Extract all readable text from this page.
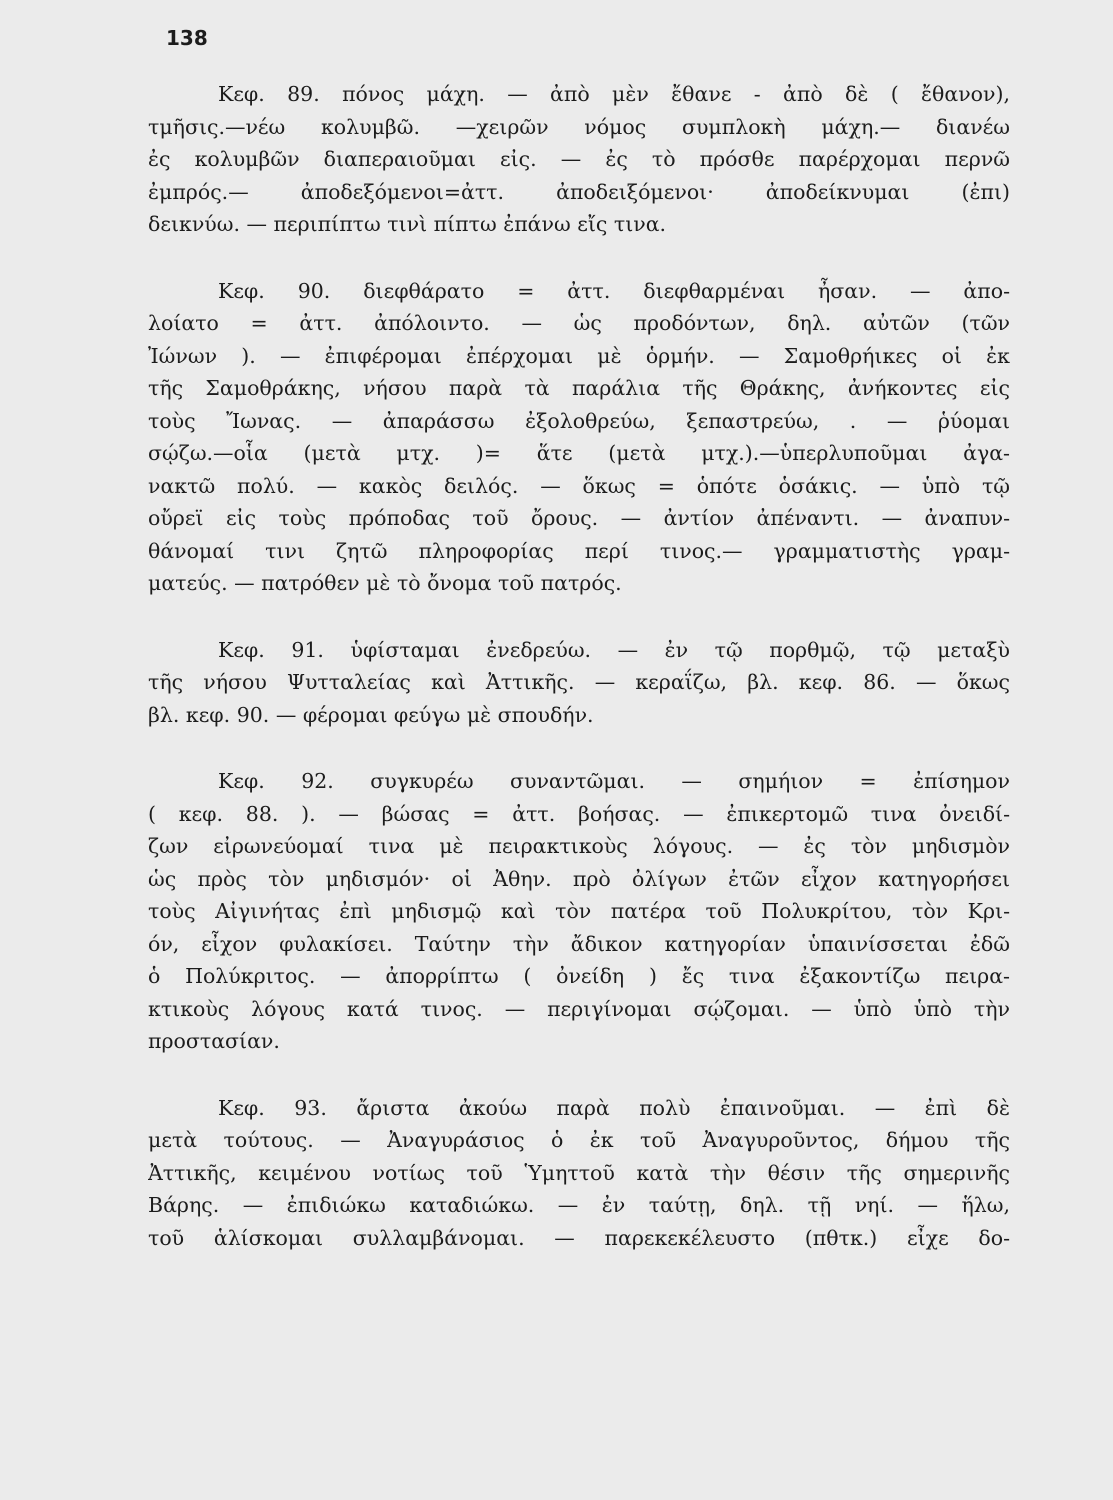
138
Κεφ. 89. πόνος μάχη. — ἀπὸ μὲν ἔθανε - ἀπὸ δὲ ( ἔθανον),
τμῆσις.—νέω κολυμβῶ. —χειρῶν νόμος συμπλοκὴ μάχη.— διανέω
ἐς κολυμβῶν διαπεραιοῦμαι εἰς. — ἐς τὸ πρόσθε παρέρχομαι περνῶ
ἐμπρός.— ἀποδεξόμενοι=ἀττ. ἀποδειξόμενοι· ἀποδείκνυμαι (ἐπι)
δεικνύω. — περιπίπτω τινὶ πίπτω ἐπάνω εἴς τινα.
Κεφ. 90. διεφθάρατο = ἀττ. διεφθαρμέναι ἦσαν. — ἀπο-
λοίατο = ἀττ. ἀπόλοιντο. — ὡς προδόντων, δηλ. αὐτῶν (τῶν
Ἰώνων ). — ἐπιφέρομαι ἐπέρχομαι μὲ ὁρμήν. — Σαμοθρήικες οἱ ἐκ
τῆς Σαμοθράκης, νήσου παρὰ τὰ παράλια τῆς Θράκης, ἀνήκοντες εἰς
τοὺς Ἴωνας. — ἀπαράσσω ἐξολοθρεύω, ξεπαστρεύω, . — ῥύομαι
σῴζω.—οἷα (μετὰ μτχ. )= ἅτε (μετὰ μτχ.).—ὑπερλυποῦμαι ἀγα-
νακτῶ πολύ. — κακὸς δειλός. — ὅκως = ὁπότε ὁσάκις. — ὑπὸ τῷ
οὔρεϊ εἰς τοὺς πρόποδας τοῦ ὄρους. — ἀντίον ἀπέναντι. — ἀναπυν-
θάνομαί τινι ζητῶ πληροφορίας περί τινος.— γραμματιστὴς γραμ-
ματεύς. — πατρόθεν μὲ τὸ ὄνομα τοῦ πατρός.
Κεφ. 91. ὑφίσταμαι ἐνεδρεύω. — ἐν τῷ πορθμῷ, τῷ μεταξὺ
τῆς νήσου Ψυτταλείας καὶ Ἀττικῆς. — κεραΐζω, βλ. κεφ. 86. — ὅκως
βλ. κεφ. 90. — φέρομαι φεύγω μὲ σπουδήν.
Κεφ. 92. συγκυρέω συναντῶμαι. — σημήιον = ἐπίσημον
( κεφ. 88. ). — βώσας = ἀττ. βοήσας. — ἐπικερτομῶ τινα ὀνειδί-
ζων εἰρωνεύομαί τινα μὲ πειρακτικοὺς λόγους. — ἐς τὸν μηδισμὸν
ὡς πρὸς τὸν μηδισμόν· οἱ Ἀθην. πρὸ ὀλίγων ἐτῶν εἶχον κατηγορήσει
τοὺς Αἰγινήτας ἐπὶ μηδισμῷ καὶ τὸν πατέρα τοῦ Πολυκρίτου, τὸν Κρι-
όν, εἶχον φυλακίσει. Ταύτην τὴν ἄδικον κατηγορίαν ὑπαινίσσεται ἐδῶ
ὁ Πολύκριτος. — ἀπορρίπτω ( ὀνείδη ) ἔς τινα ἐξακοντίζω πειρα-
κτικοὺς λόγους κατά τινος. — περιγίνομαι σῴζομαι. — ὑπὸ ὑπὸ τὴν
προστασίαν.
Κεφ. 93. ἄριστα ἀκούω παρὰ πολὺ ἐπαινοῦμαι. — ἐπὶ δὲ
μετὰ τούτους. — Ἀναγυράσιος ὁ ἐκ τοῦ Ἀναγυροῦντος, δήμου τῆς
Ἀττικῆς, κειμένου νοτίως τοῦ Ὑμηττοῦ κατὰ τὴν θέσιν τῆς σημερινῆς
Βάρης. — ἐπιδιώκω καταδιώκω. — ἐν ταύτῃ, δηλ. τῇ νηί. — ἥλω,
τοῦ ἁλίσκομαι συλλαμβάνομαι. — παρεκεκέλευστο (πθτκ.) εἶχε δο-
